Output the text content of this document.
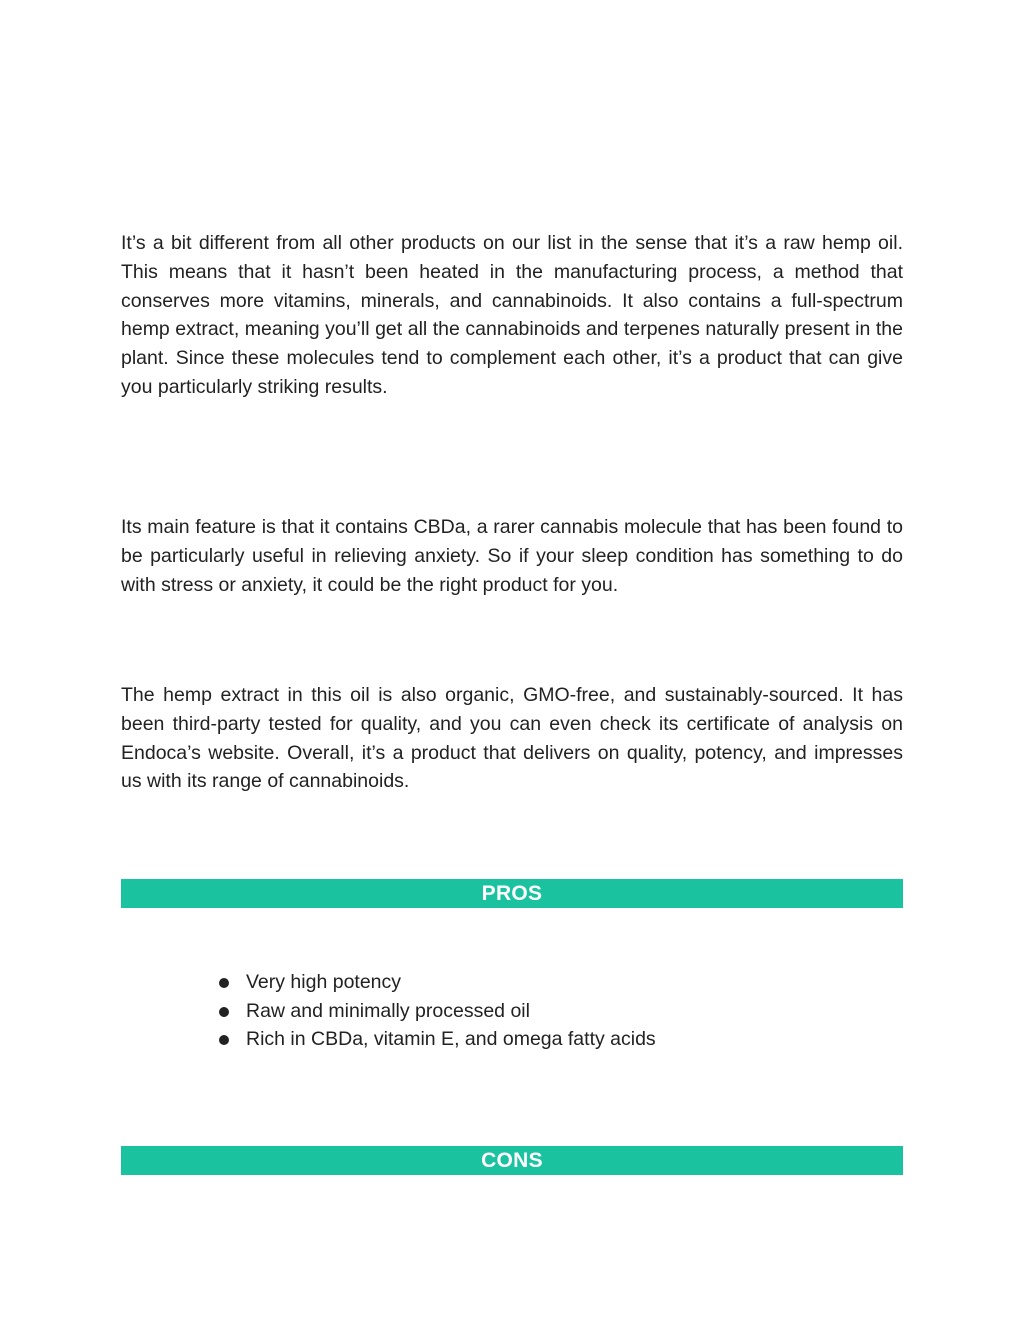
It’s a bit different from all other products on our list in the sense that it’s a raw hemp oil. This means that it hasn’t been heated in the manufacturing process, a method that conserves more vitamins, minerals, and cannabinoids. It also contains a full-spectrum hemp extract, meaning you’ll get all the cannabinoids and terpenes naturally present in the plant. Since these molecules tend to complement each other, it’s a product that can give you particularly striking results.

Its main feature is that it contains CBDa, a rarer cannabis molecule that has been found to be particularly useful in relieving anxiety. So if your sleep condition has something to do with stress or anxiety, it could be the right product for you.

The hemp extract in this oil is also organic, GMO-free, and sustainably-sourced. It has been third-party tested for quality, and you can even check its certificate of analysis on Endoca’s website. Overall, it’s a product that delivers on quality, potency, and impresses us with its range of cannabinoids.

PROS
Very high potency
Raw and minimally processed oil
Rich in CBDa, vitamin E, and omega fatty acids
CONS
